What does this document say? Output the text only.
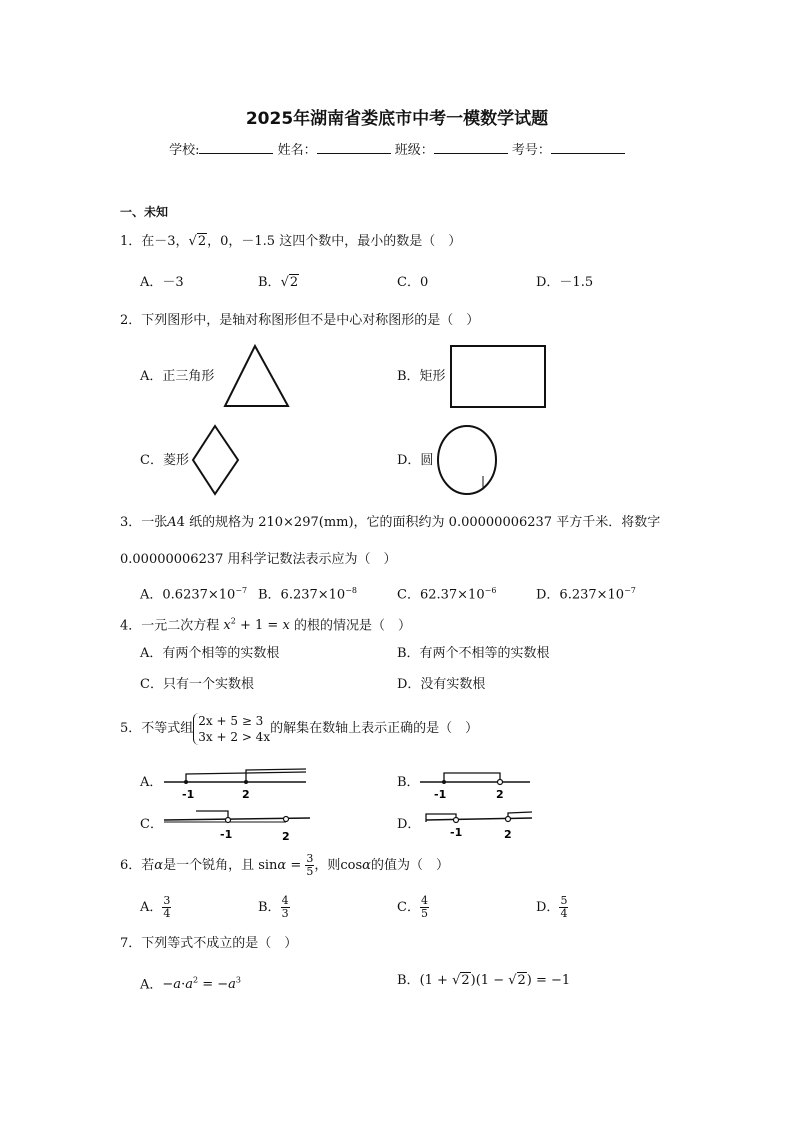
2025年湖南省娄底市中考一模数学试题
学校:	姓名：	班级：	考号：
一、未知
1．在－3，√2，0，－1.5 这四个数中，最小的数是（　）
A．－3	B．√2	C．0	D．－1.5
2．下列图形中，是轴对称图形但不是中心对称图形的是（　）
A．正三角形	B．矩形
C．菱形	D．圆
3．一张A4 纸的规格为 210×297(mm)，它的面积约为 0.00000006237 平方千米．将数字
0.00000006237 用科学记数法表示应为（　）
A．$0.6237\times 10^{-7}$ B．$6.237\times 10^{-8}$	C．$62.37\times 10^{-6}$	D．$6.237\times 10^{-7}$
4．一元二次方程 $x^2 + 1 = x$ 的根的情况是（　）
A．有两个相等的实数根	B．有两个不相等的实数根
C．只有一个实数根	D．没有实数根
5．不等式组
2x + 5 ≥ 3
3x + 2 > 4x
的解集在数轴上表示正确的是（　）
A．
-1	2
B．
-1	2
C．
-1	2
D．
-1	2
6．若α是一个锐角，且 $\sin\alpha = \frac{3}{5}$ ，则cosα的值为（　）
A． $\frac{3}{4}$	B． $\frac{4}{3}$	C． $\frac{4}{5}$	D． $\frac{5}{4}$
7．下列等式不成立的是（　）
A．$-a\cdot a^2 = -a^3$	B．(1 + √2)(1 − √2) = −1
